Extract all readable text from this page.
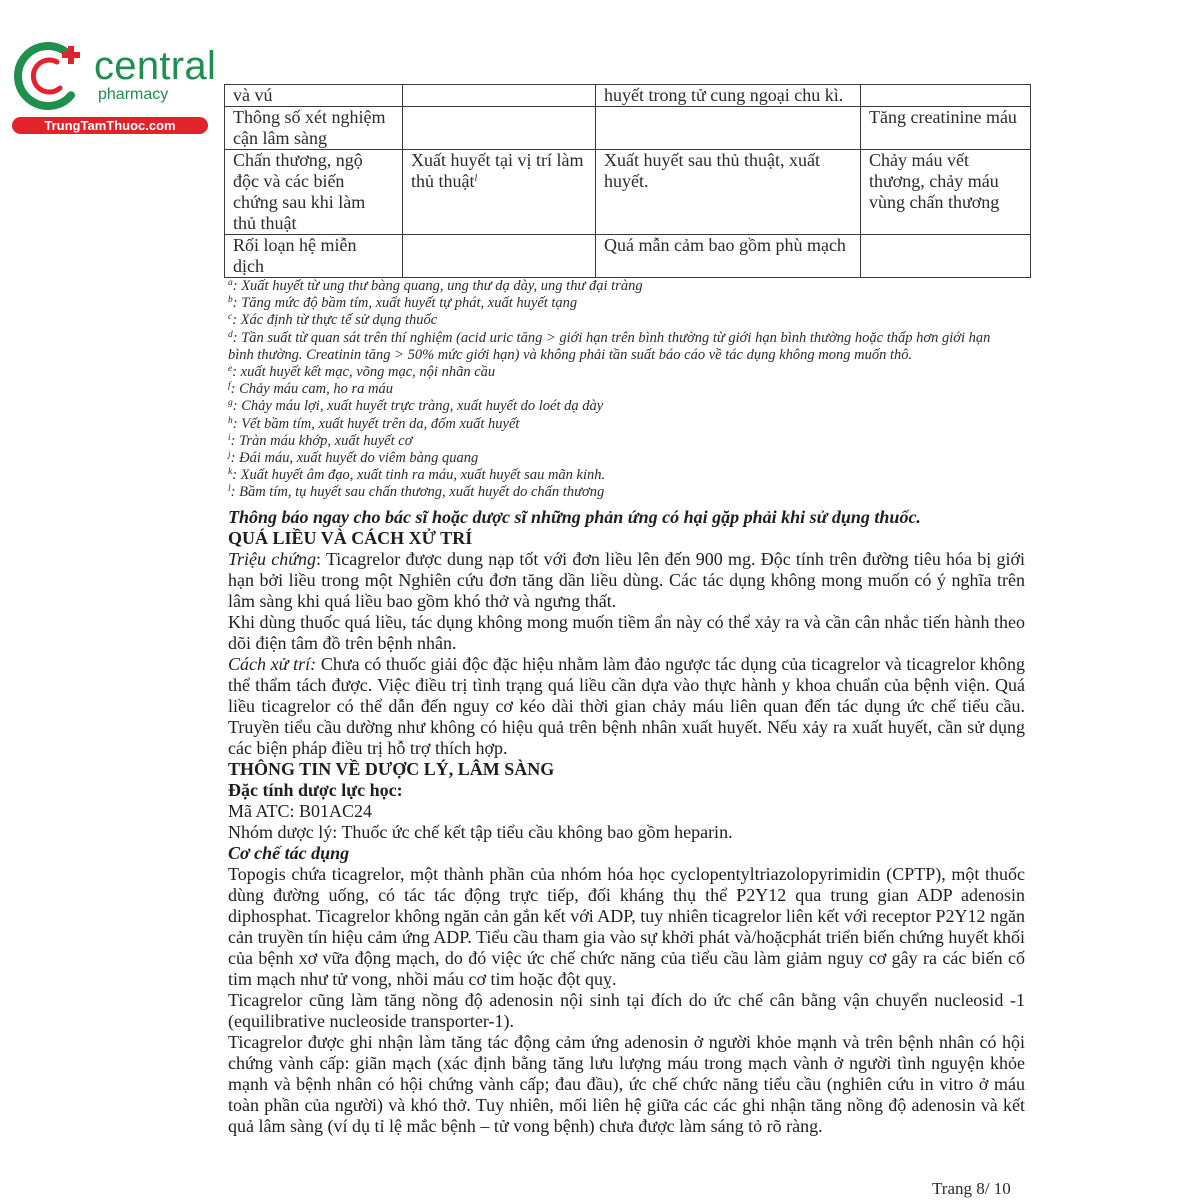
central
pharmacy
TrungTamThuoc.com
và vú		huyết trong tử cung ngoại chu kì.	
Thông số xét nghiệm cận lâm sàng			Tăng creatinine máu
Chấn thương, ngộ độc và các biến chứng sau khi làm thủ thuật	Xuất huyết tại vị trí làm thủ thuật$^l$	Xuất huyết sau thủ thuật, xuất huyết.	Chảy máu vết thương, chảy máu vùng chấn thương
Rối loạn hệ miễn dịch		Quá mẫn cảm bao gồm phù mạch	

$^a$: Xuất huyết từ ung thư bàng quang, ung thư dạ dày, ung thư đại tràng

$^b$: Tăng mức độ bầm tím, xuất huyết tự phát, xuất huyết tạng

$^c$: Xác định từ thực tế sử dụng thuốc

$^d$: Tần suất từ quan sát trên thí nghiệm (acid uric tăng > giới hạn trên bình thường từ giới hạn bình thường hoặc thấp hơn giới hạn bình thường. Creatinin tăng > 50% mức giới hạn) và không phải tần suất báo cáo về tác dụng không mong muốn thô.

$^e$: xuất huyết kết mạc, võng mạc, nội nhãn cầu

$^f$: Chảy máu cam, ho ra máu

$^g$: Chảy máu lợi, xuất huyết trực tràng, xuất huyết do loét dạ dày

$^h$: Vết bầm tím, xuất huyết trên da, đốm xuất huyết

$^i$: Tràn máu khớp, xuất huyết cơ

$^j$: Đái máu, xuất huyết do viêm bàng quang

$^k$: Xuất huyết âm đạo, xuất tinh ra máu, xuất huyết sau mãn kinh.

$^l$: Bầm tím, tụ huyết sau chấn thương, xuất huyết do chấn thương

Thông báo ngay cho bác sĩ hoặc dược sĩ những phản ứng có hại gặp phải khi sử dụng thuốc.

QUÁ LIỀU VÀ CÁCH XỬ TRÍ

Triệu chứng: Ticagrelor được dung nạp tốt với đơn liều lên đến 900 mg. Độc tính trên đường tiêu hóa bị giới hạn bởi liều trong một Nghiên cứu đơn tăng dần liều dùng. Các tác dụng không mong muốn có ý nghĩa trên lâm sàng khi quá liều bao gồm khó thở và ngưng thất.

Khi dùng thuốc quá liều, tác dụng không mong muốn tiềm ẩn này có thể xảy ra và cần cân nhắc tiến hành theo dõi điện tâm đồ trên bệnh nhân.

Cách xử trí: Chưa có thuốc giải độc đặc hiệu nhằm làm đảo ngược tác dụng của ticagrelor và ticagrelor không thể thẩm tách được. Việc điều trị tình trạng quá liều cần dựa vào thực hành y khoa chuẩn của bệnh viện. Quá liều ticagrelor có thể dẫn đến nguy cơ kéo dài thời gian chảy máu liên quan đến tác dụng ức chế tiểu cầu. Truyền tiểu cầu dường như không có hiệu quả trên bệnh nhân xuất huyết. Nếu xảy ra xuất huyết, cần sử dụng các biện pháp điều trị hỗ trợ thích hợp.

THÔNG TIN VỀ DƯỢC LÝ, LÂM SÀNG

Đặc tính dược lực học:

Mã ATC: B01AC24

Nhóm dược lý: Thuốc ức chế kết tập tiểu cầu không bao gồm heparin.

Cơ chế tác dụng

Topogis chứa ticagrelor, một thành phần của nhóm hóa học cyclopentyltriazolopyrimidin (CPTP), một thuốc dùng đường uống, có tác tác động trực tiếp, đối kháng thụ thể P2Y12 qua trung gian ADP adenosin diphosphat. Ticagrelor không ngăn cản gắn kết với ADP, tuy nhiên ticagrelor liên kết với receptor P2Y12 ngăn cản truyền tín hiệu cảm ứng ADP. Tiểu cầu tham gia vào sự khởi phát và/hoặcphát triển biến chứng huyết khối của bệnh xơ vữa động mạch, do đó việc ức chế chức năng của tiểu cầu làm giảm nguy cơ gây ra các biến cố tim mạch như tử vong, nhồi máu cơ tim hoặc đột quỵ.

Ticagrelor cũng làm tăng nồng độ adenosin nội sinh tại đích do ức chế cân bằng vận chuyển nucleosid -1 (equilibrative nucleoside transporter-1).

Ticagrelor được ghi nhận làm tăng tác động cảm ứng adenosin ở người khỏe mạnh và trên bệnh nhân có hội chứng vành cấp: giãn mạch (xác định bằng tăng lưu lượng máu trong mạch vành ở người tình nguyện khỏe mạnh và bệnh nhân có hội chứng vành cấp; đau đầu), ức chế chức năng tiểu cầu (nghiên cứu in vitro ở máu toàn phần của người) và khó thở. Tuy nhiên, mối liên hệ giữa các các ghi nhận tăng nồng độ adenosin và kết quả lâm sàng (ví dụ tỉ lệ mắc bệnh – tử vong bệnh) chưa được làm sáng tỏ rõ ràng.

Trang 8/ 10
